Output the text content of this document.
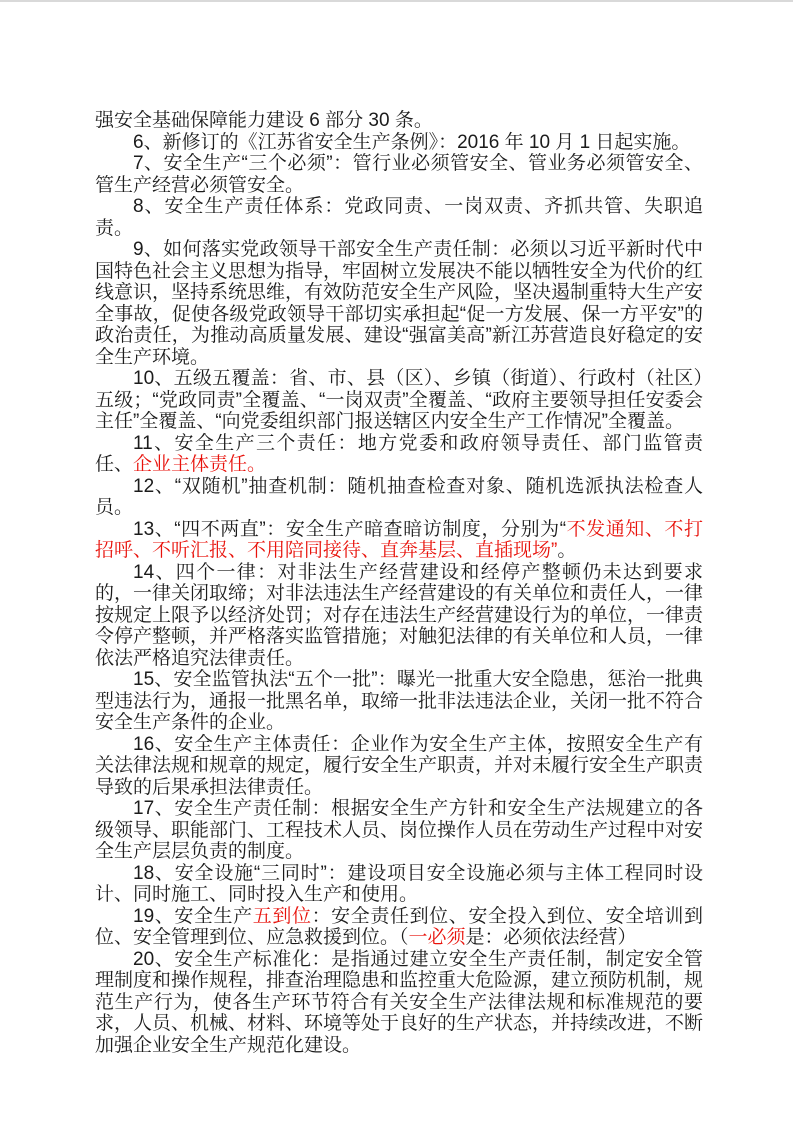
强安全基础保障能力建设 6 部分 30 条。

6、新修订的《江苏省安全生产条例》：2016 年 10 月 1 日起实施。

7、安全生产“三个必须”：管行业必须管安全、管业务必须管安全、管生产经营必须管安全。

8、安全生产责任体系：党政同责、一岗双责、齐抓共管、失职追责。

9、如何落实党政领导干部安全生产责任制：必须以习近平新时代中国特色社会主义思想为指导，牢固树立发展决不能以牺牲安全为代价的红线意识，坚持系统思维，有效防范安全生产风险，坚决遏制重特大生产安全事故，促使各级党政领导干部切实承担起“促一方发展、保一方平安”的政治责任，为推动高质量发展、建设“强富美高”新江苏营造良好稳定的安全生产环境。

10、五级五覆盖：省、市、县（区）、乡镇（街道）、行政村（社区）五级；“党政同责”全覆盖、“一岗双责”全覆盖、“政府主要领导担任安委会主任”全覆盖、“向党委组织部门报送辖区内安全生产工作情况”全覆盖。

11、安全生产三个责任：地方党委和政府领导责任、部门监管责任、企业主体责任。

12、“双随机”抽查机制：随机抽查检查对象、随机选派执法检查人员。

13、“四不两直”：安全生产暗查暗访制度，分别为“不发通知、不打招呼、不听汇报、不用陪同接待、直奔基层、直插现场”。

14、四个一律：对非法生产经营建设和经停产整顿仍未达到要求的，一律关闭取缔；对非法违法生产经营建设的有关单位和责任人，一律按规定上限予以经济处罚；对存在违法生产经营建设行为的单位，一律责令停产整顿，并严格落实监管措施；对触犯法律的有关单位和人员，一律依法严格追究法律责任。

15、安全监管执法“五个一批”：曝光一批重大安全隐患，惩治一批典型违法行为，通报一批黑名单，取缔一批非法违法企业，关闭一批不符合安全生产条件的企业。

16、安全生产主体责任：企业作为安全生产主体，按照安全生产有关法律法规和规章的规定，履行安全生产职责，并对未履行安全生产职责导致的后果承担法律责任。

17、安全生产责任制：根据安全生产方针和安全生产法规建立的各级领导、职能部门、工程技术人员、岗位操作人员在劳动生产过程中对安全生产层层负责的制度。

18、安全设施“三同时”：建设项目安全设施必须与主体工程同时设计、同时施工、同时投入生产和使用。

19、安全生产五到位：安全责任到位、安全投入到位、安全培训到位、安全管理到位、应急救援到位。（一必须是：必须依法经营）

20、安全生产标准化：是指通过建立安全生产责任制，制定安全管理制度和操作规程，排查治理隐患和监控重大危险源，建立预防机制，规范生产行为，使各生产环节符合有关安全生产法律法规和标准规范的要求，人员、机械、材料、环境等处于良好的生产状态，并持续改进，不断加强企业安全生产规范化建设。
